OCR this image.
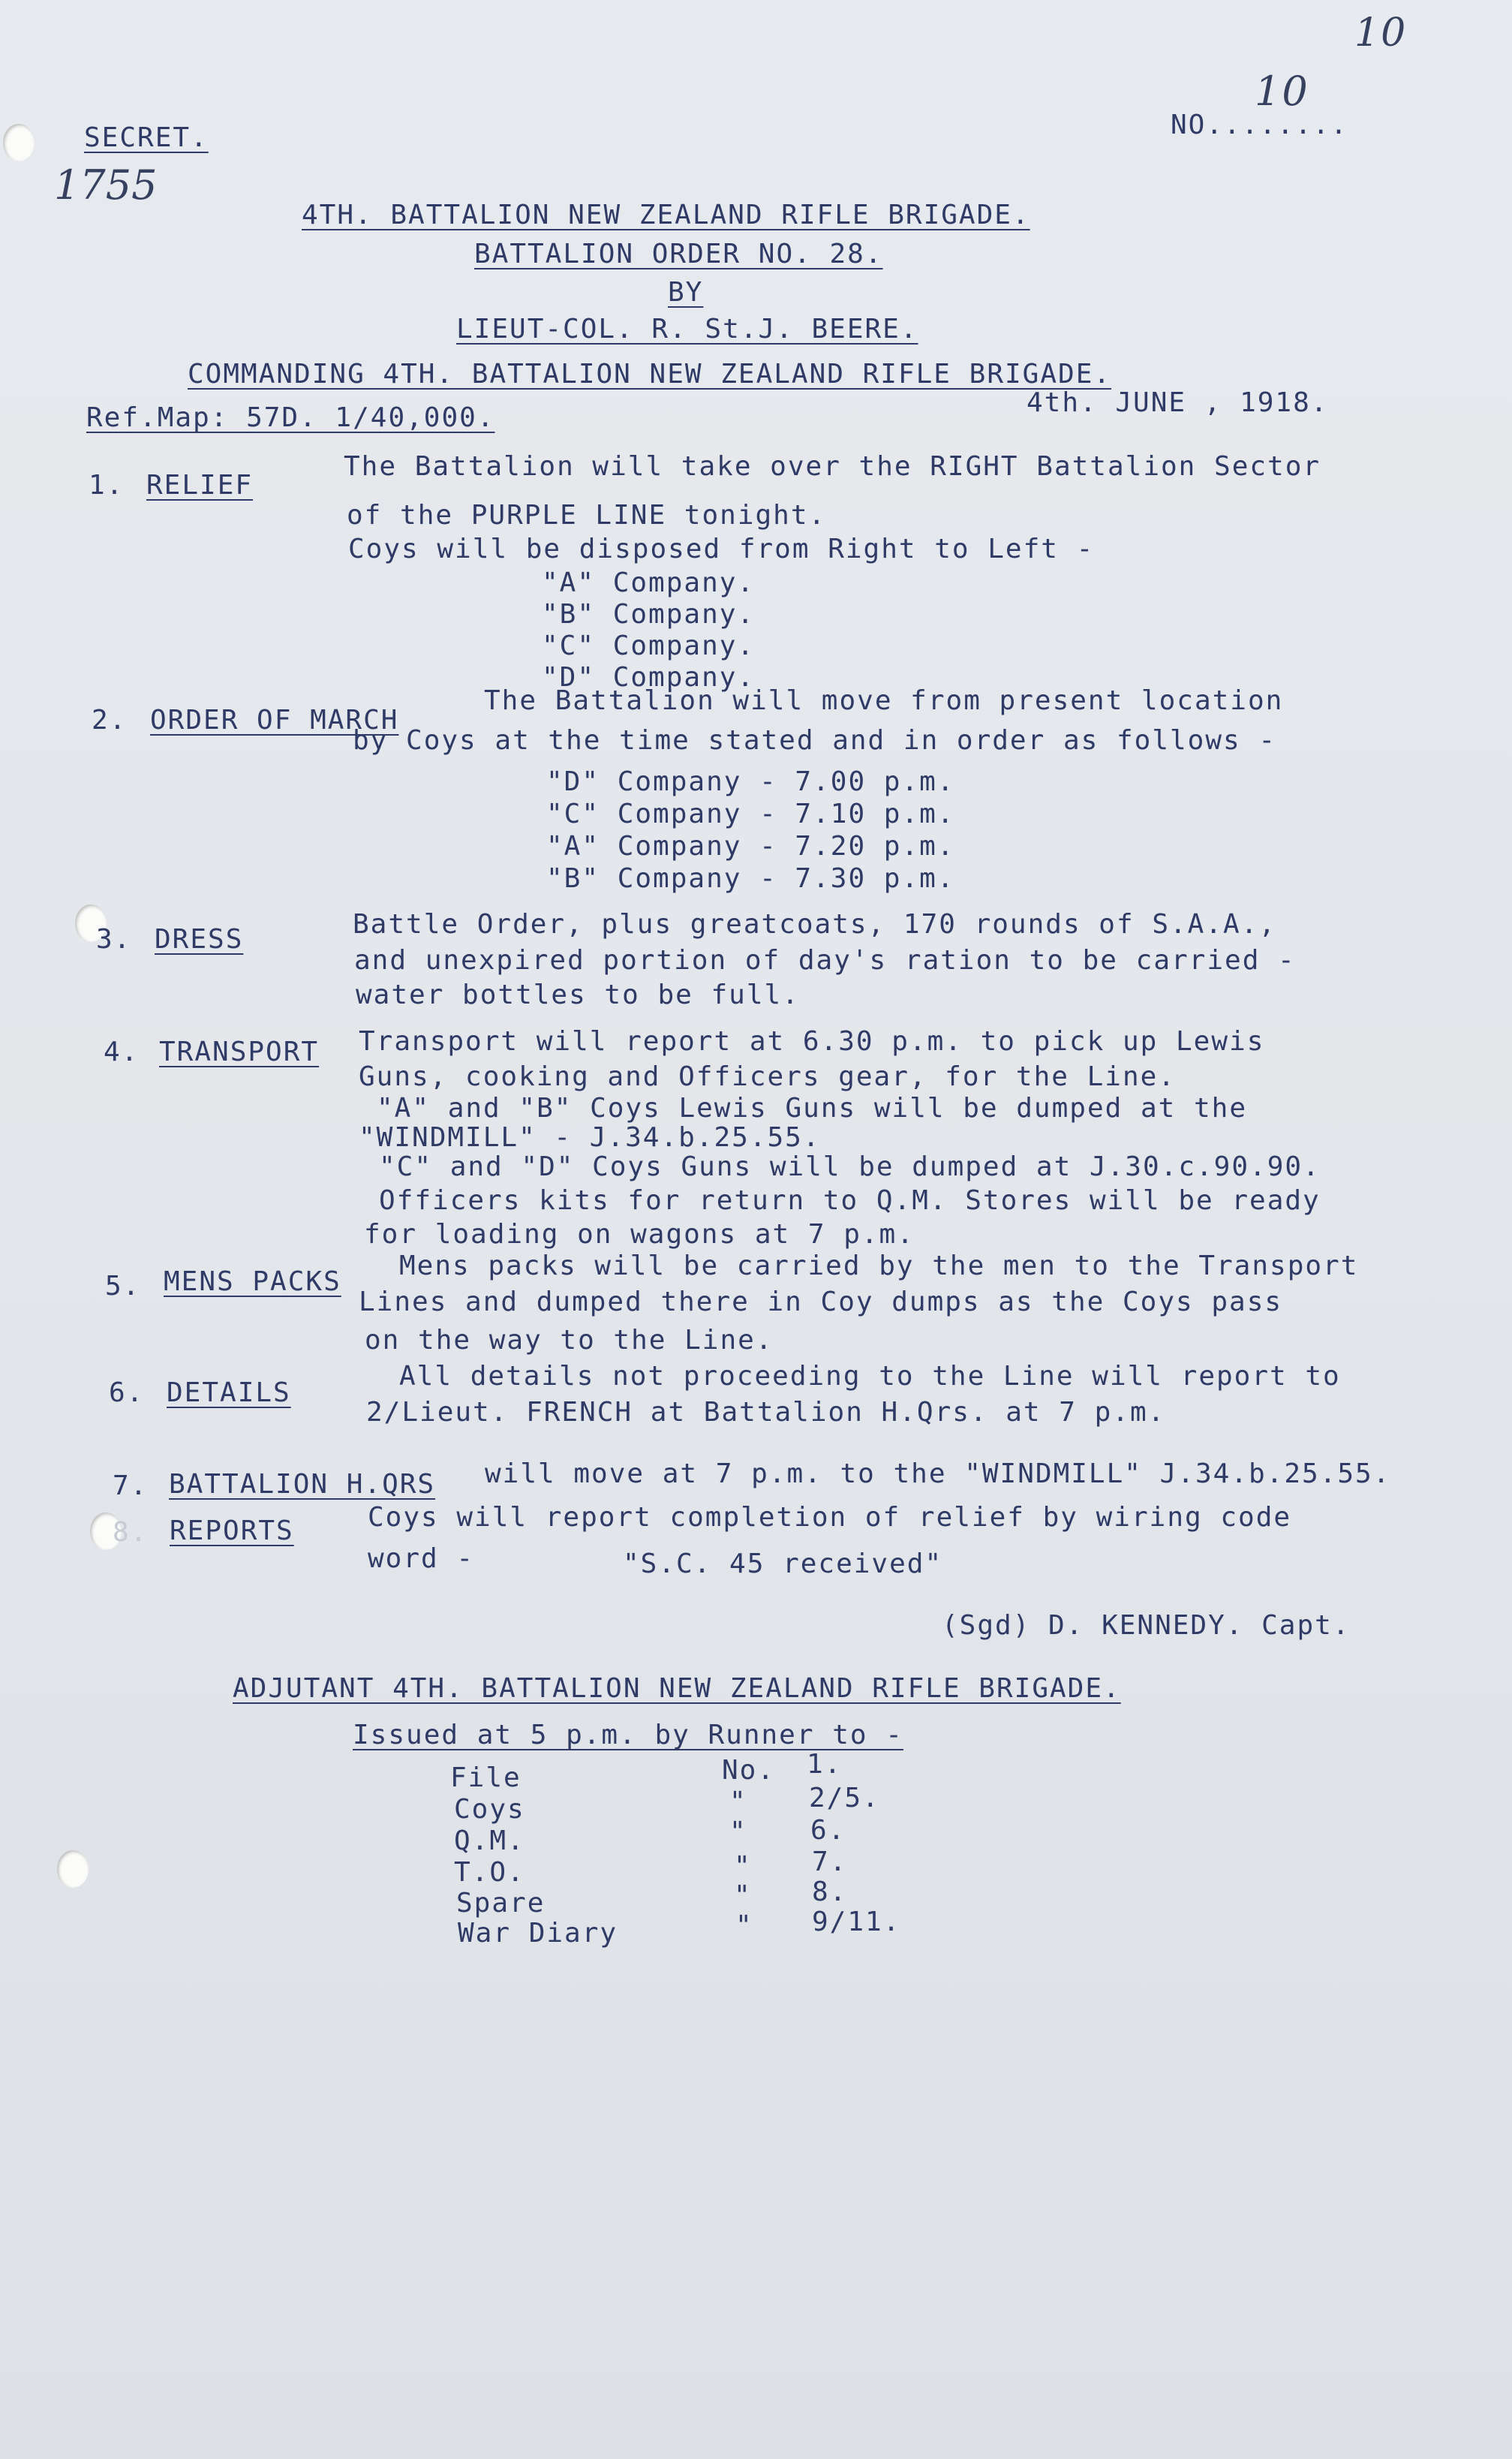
10
SECRET.
1755
NO........
10
4TH. BATTALION NEW ZEALAND RIFLE BRIGADE.
BATTALION ORDER NO. 28.
BY
LIEUT-COL. R. St.J. BEERE.
COMMANDING 4TH. BATTALION NEW ZEALAND RIFLE BRIGADE.
Ref.Map: 57D. 1/40,000.	4th. JUNE , 1918.
1. RELIEF
The Battalion will take over the RIGHT Battalion Sector
of the PURPLE LINE tonight.
Coys will be disposed from Right to Left -
"A" Company.
"B" Company.
"C" Company.
"D" Company.
2. ORDER OF MARCH
The Battalion will move from present location
by Coys at the time stated and in order as follows -
"D" Company - 7.00 p.m.
"C" Company - 7.10 p.m.
"A" Company - 7.20 p.m.
"B" Company - 7.30 p.m.
3. DRESS	Battle Order, plus greatcoats, 170 rounds of S.A.A.,
and unexpired portion of day's ration to be carried -
water bottles to be full.
4. TRANSPORT Transport will report at 6.30 p.m. to pick up Lewis
Guns, cooking and Officers gear, for the Line.
"A" and "B" Coys Lewis Guns will be dumped at the
"WINDMILL" - J.34.b.25.55.
"C" and "D" Coys Guns will be dumped at J.30.c.90.90.
Officers kits for return to Q.M. Stores will be ready
for loading on wagons at 7 p.m.
5. MENS PACKS
Mens packs will be carried by the men to the Transport
Lines and dumped there in Coy dumps as the Coys pass
on the way to the Line.
6. DETAILS
All details not proceeding to the Line will report to
2/Lieut. FRENCH at Battalion H.Qrs. at 7 p.m.
7. BATTALION H.QRS will move at 7 p.m. to the "WINDMILL" J.34.b.25.55.
8. REPORTS	Coys will report completion of relief by wiring code
word -	"S.C. 45 received"
(Sgd) D. KENNEDY. Capt.
ADJUTANT 4TH. BATTALION NEW ZEALAND RIFLE BRIGADE.
Issued at 5 p.m. by Runner to -
File	No. 1.
Coys	" 2/5.
Q.M.	" 6.
T.O.	" 7.
Spare	" 8.
War Diary	" 9/11.
